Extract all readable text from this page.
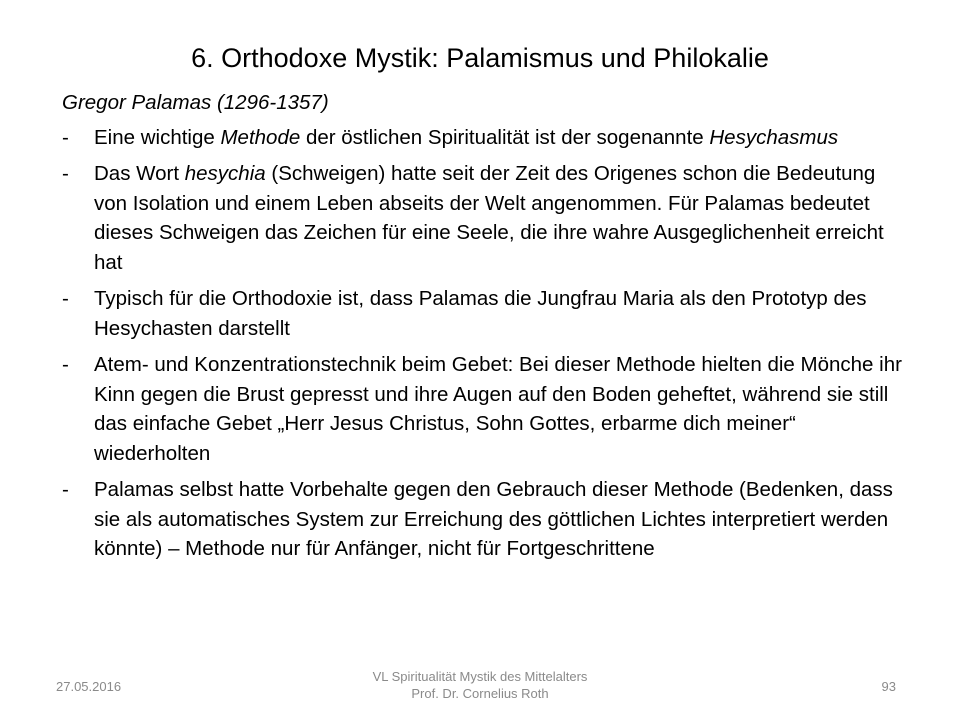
6. Orthodoxe Mystik: Palamismus und Philokalie
Gregor Palamas (1296-1357)
- Eine wichtige Methode der östlichen Spiritualität ist der sogenannte Hesychasmus
- Das Wort hesychia (Schweigen) hatte seit der Zeit des Origenes schon die Bedeutung von Isolation und einem Leben abseits der Welt angenommen. Für Palamas bedeutet dieses Schweigen das Zeichen für eine Seele, die ihre wahre Ausgeglichenheit erreicht hat
- Typisch für die Orthodoxie ist, dass Palamas die Jungfrau Maria als den Prototyp des Hesychasten darstellt
- Atem- und Konzentrationstechnik beim Gebet: Bei dieser Methode hielten die Mönche ihr Kinn gegen die Brust gepresst und ihre Augen auf den Boden geheftet, während sie still das einfache Gebet „Herr Jesus Christus, Sohn Gottes, erbarme dich meiner“ wiederholten
- Palamas selbst hatte Vorbehalte gegen den Gebrauch dieser Methode (Bedenken, dass sie als automatisches System zur Erreichung des göttlichen Lichtes interpretiert werden könnte) – Methode nur für Anfänger, nicht für Fortgeschrittene
27.05.2016
VL Spiritualität Mystik des Mittelalters
Prof. Dr. Cornelius Roth	93
